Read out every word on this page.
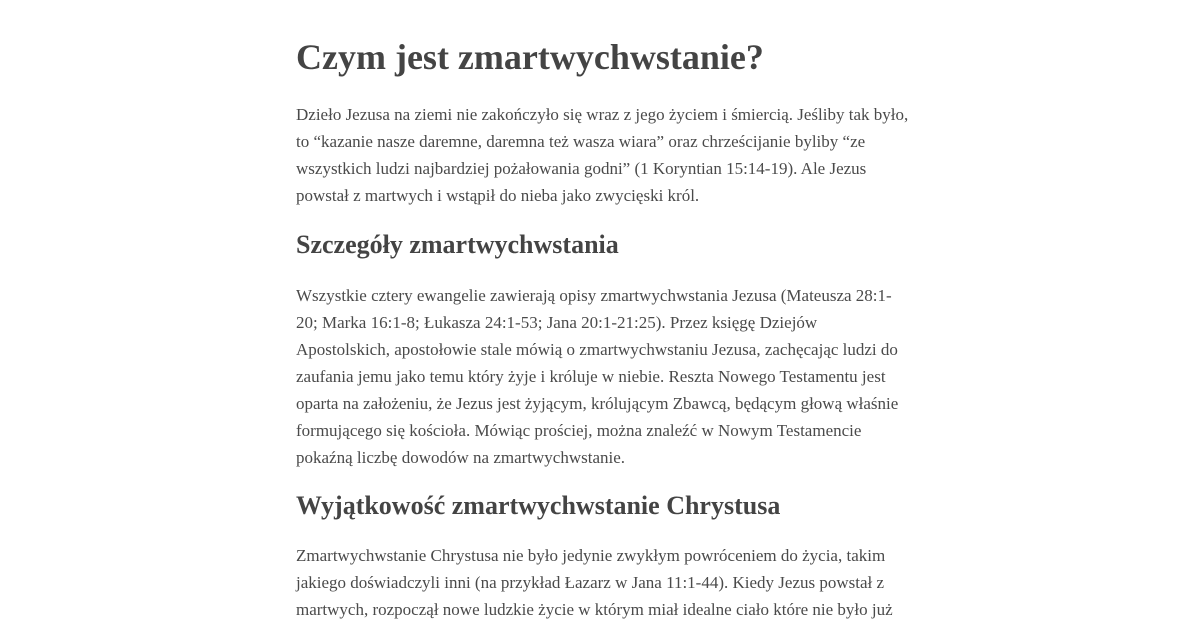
Czym jest zmartwychwstanie?

Dzieło Jezusa na ziemi nie zakończyło się wraz z jego życiem i śmiercią. Jeśliby tak było,
to “kazanie nasze daremne, daremna też wasza wiara” oraz chrześcijanie byliby “ze
wszystkich ludzi najbardziej pożałowania godni” (1 Koryntian 15:14-19). Ale Jezus
powstał z martwych i wstąpił do nieba jako zwycięski król.

Szczegóły zmartwychwstania

Wszystkie cztery ewangelie zawierają opisy zmartwychwstania Jezusa (Mateusza 28:1-
20; Marka 16:1-8; Łukasza 24:1-53; Jana 20:1-21:25). Przez księgę Dziejów
Apostolskich, apostołowie stale mówią o zmartwychwstaniu Jezusa, zachęcając ludzi do
zaufania jemu jako temu który żyje i króluje w niebie. Reszta Nowego Testamentu jest
oparta na założeniu, że Jezus jest żyjącym, królującym Zbawcą, będącym głową właśnie
formującego się kościoła. Mówiąc prościej, można znaleźć w Nowym Testamencie
pokaźną liczbę dowodów na zmartwychwstanie.

Wyjątkowość zmartwychwstanie Chrystusa

Zmartwychwstanie Chrystusa nie było jedynie zwykłym powróceniem do życia, takim
jakiego doświadczyli inni (na przykład Łazarz w Jana 11:1-44). Kiedy Jezus powstał z
martwych, rozpoczął nowe ludzkie życie w którym miał idealne ciało które nie było już
